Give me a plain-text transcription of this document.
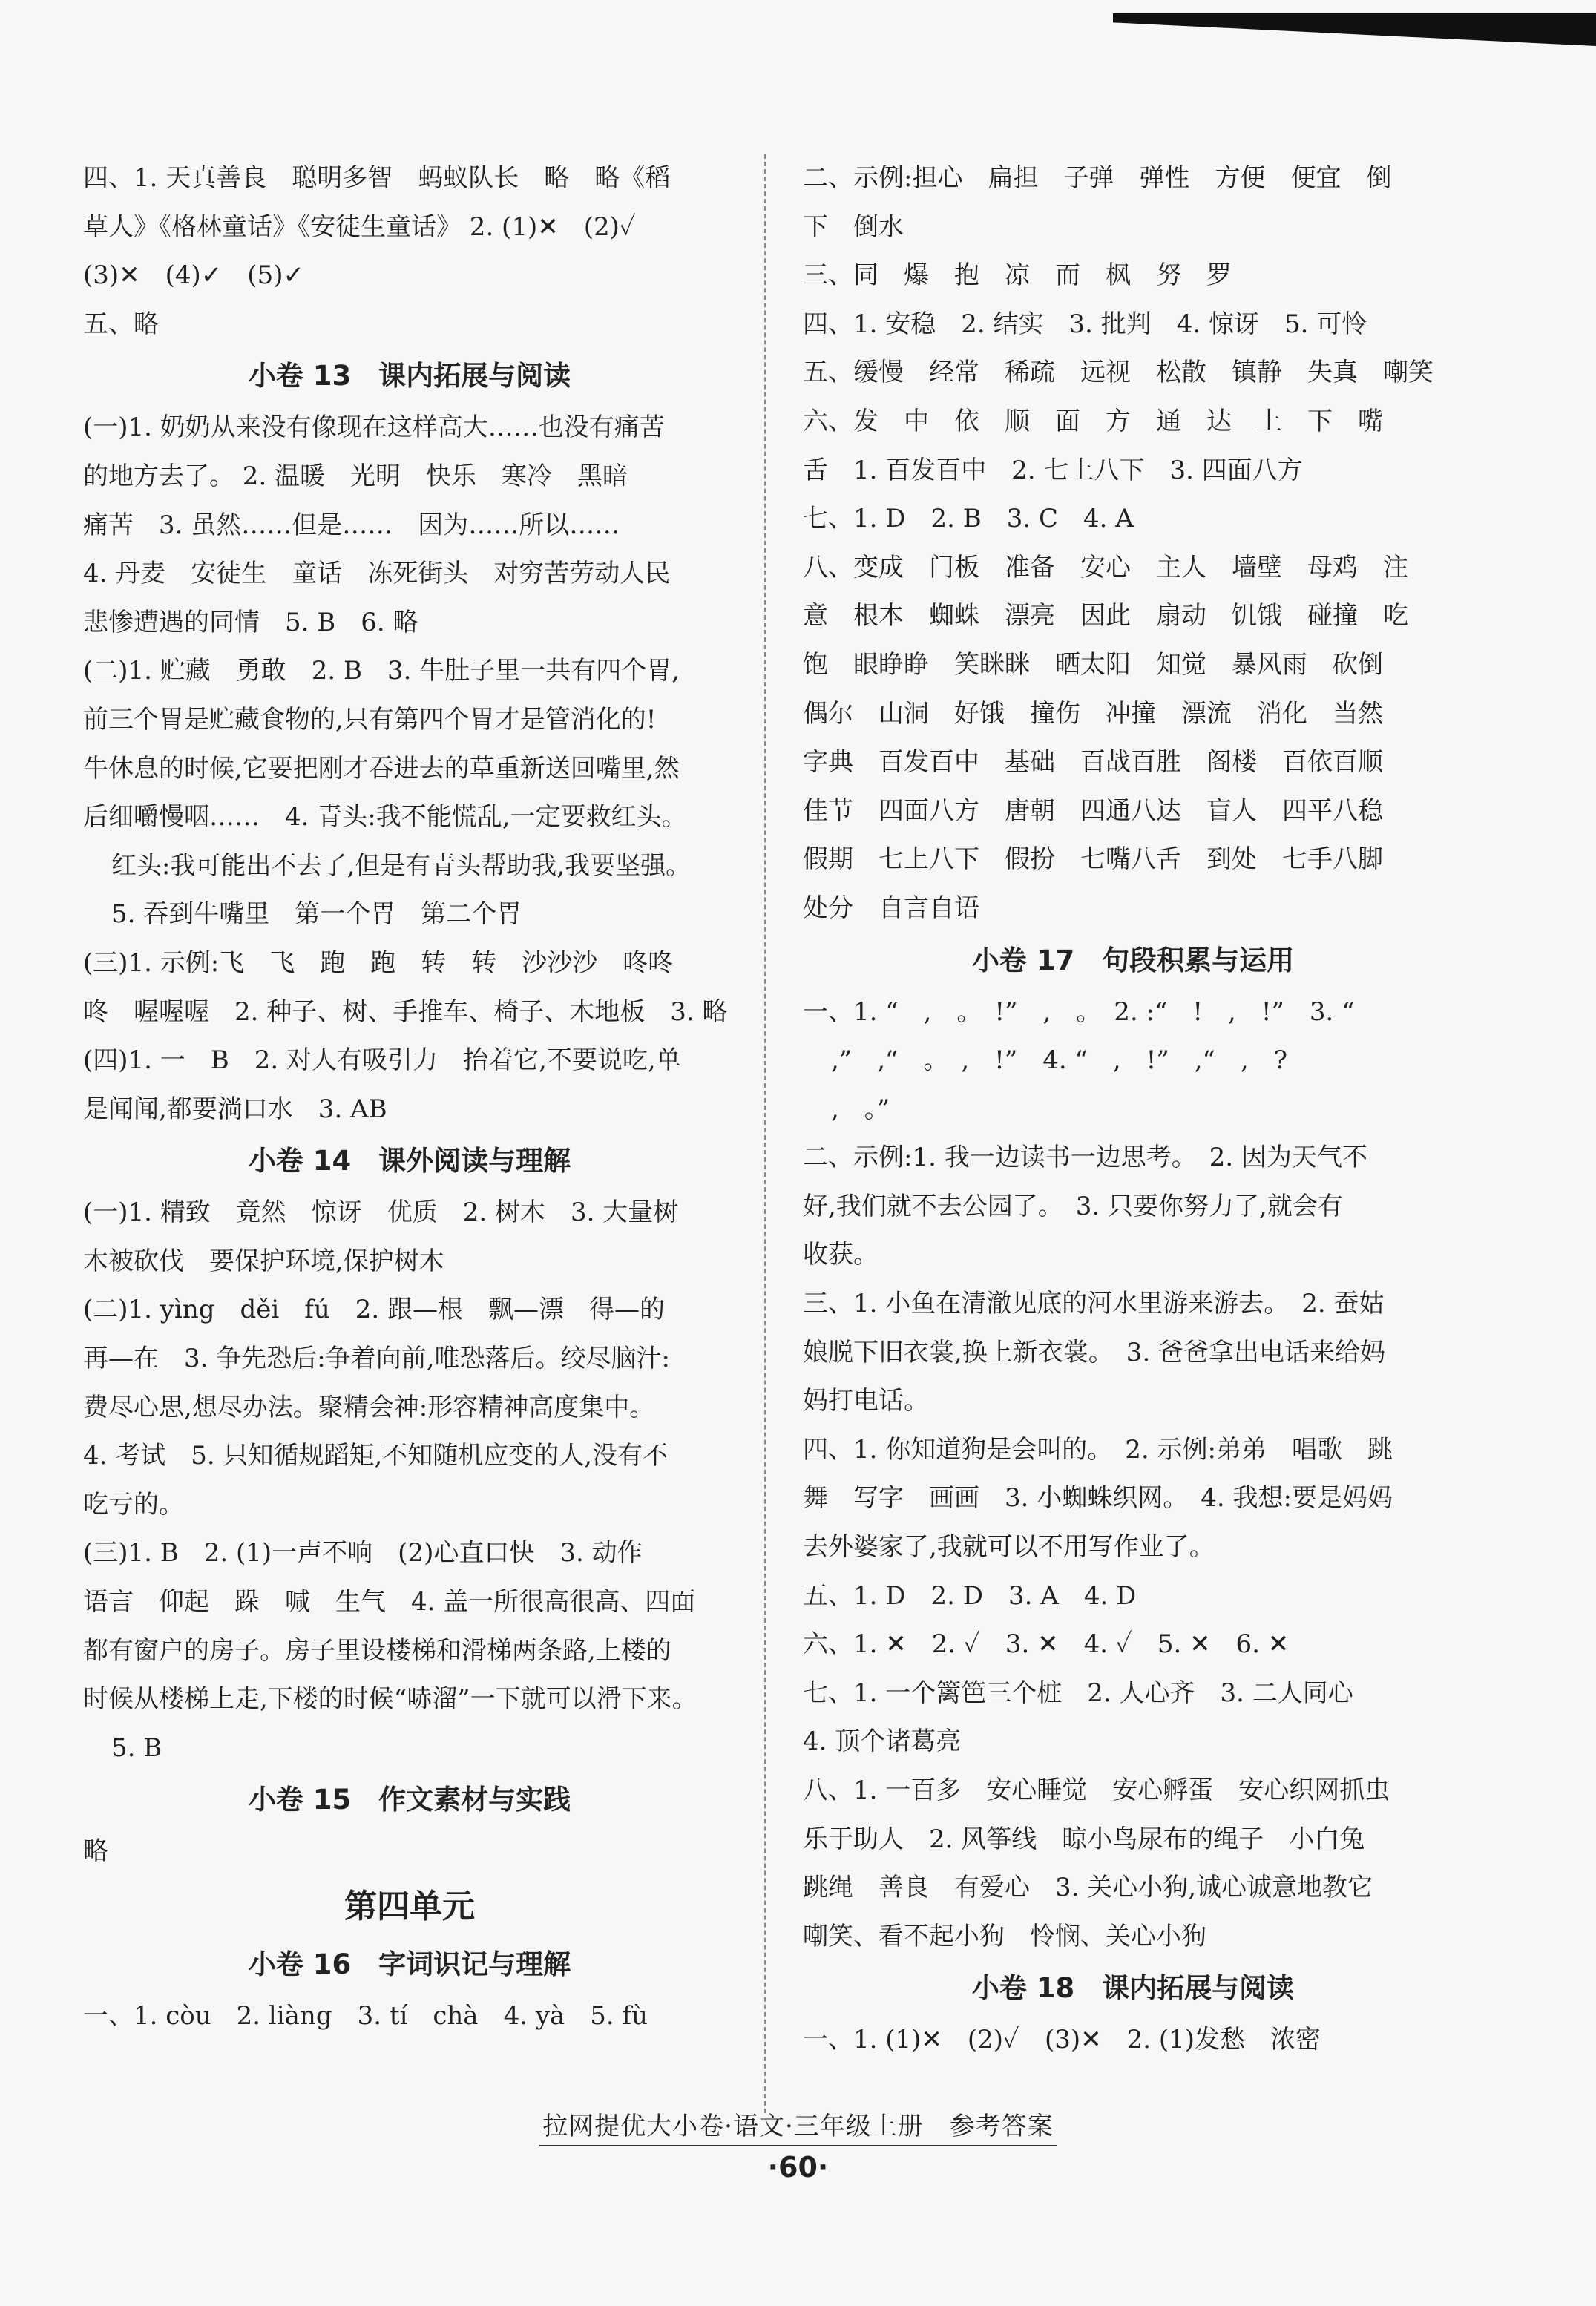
四、1. 天真善良　聪明多智　蚂蚁队长　略　略《稻
草人》《格林童话》《安徒生童话》 2. (1)✕　(2)✓
(3)✕　(4)✓　(5)✓
五、略
小卷 13　课内拓展与阅读
(一)1. 奶奶从来没有像现在这样高大……也没有痛苦
的地方去了。 2. 温暖　光明　快乐　寒冷　黑暗
痛苦　3. 虽然……但是……　因为……所以……
4. 丹麦　安徒生　童话　冻死街头　对穷苦劳动人民
悲惨遭遇的同情　5. B　6. 略
(二)1. 贮藏　勇敢　2. B　3. 牛肚子里一共有四个胃,
前三个胃是贮藏食物的,只有第四个胃才是管消化的!
牛休息的时候,它要把刚才吞进去的草重新送回嘴里,然
后细嚼慢咽……　4. 青头:我不能慌乱,一定要救红头。
红头:我可能出不去了,但是有青头帮助我,我要坚强。
5. 吞到牛嘴里　第一个胃　第二个胃
(三)1. 示例:飞　飞　跑　跑　转　转　沙沙沙　咚咚
咚　喔喔喔　2. 种子、树、手推车、椅子、木地板　3. 略
(四)1. 一　B　2. 对人有吸引力　抬着它,不要说吃,单
是闻闻,都要淌口水　3. AB
小卷 14　课外阅读与理解
(一)1. 精致　竟然　惊讶　优质　2. 树木　3. 大量树
木被砍伐　要保护环境,保护树木
(二)1. yìng　děi　fú　2. 跟—根　飘—漂　得—的
再—在　3. 争先恐后:争着向前,唯恐落后。绞尽脑汁:
费尽心思,想尽办法。聚精会神:形容精神高度集中。
4. 考试　5. 只知循规蹈矩,不知随机应变的人,没有不
吃亏的。
(三)1. B　2. (1)一声不响　(2)心直口快　3. 动作
语言　仰起　跺　喊　生气　4. 盖一所很高很高、四面
都有窗户的房子。房子里设楼梯和滑梯两条路,上楼的
时候从楼梯上走,下楼的时候“哧溜”一下就可以滑下来。
5. B
小卷 15　作文素材与实践
略
第四单元
小卷 16　字词识记与理解
一、1. còu　2. liàng　3. tí　chà　4. yà　5. fù
二、示例:担心　扁担　子弹　弹性　方便　便宜　倒
下　倒水
三、同　爆　抱　凉　而　枫　努　罗
四、1. 安稳　2. 结实　3. 批判　4. 惊讶　5. 可怜
五、缓慢　经常　稀疏　远视　松散　镇静　失真　嘲笑
六、发　中　依　顺　面　方　通　达　上　下　嘴
舌　1. 百发百中　2. 七上八下　3. 四面八方
七、1. D　2. B　3. C　4. A
八、变成　门板　准备　安心　主人　墙壁　母鸡　注
意　根本　蜘蛛　漂亮　因此　扇动　饥饿　碰撞　吃
饱　眼睁睁　笑眯眯　晒太阳　知觉　暴风雨　砍倒
偶尔　山洞　好饿　撞伤　冲撞　漂流　消化　当然
字典　百发百中　基础　百战百胜　阁楼　百依百顺
佳节　四面八方　唐朝　四通八达　盲人　四平八稳
假期　七上八下　假扮　七嘴八舌　到处　七手八脚
处分　自言自语
小卷 17　句段积累与运用
一、1. “　,　。　!”　,　。　2. :“　!　,　!”　3. “
,”　,“　。　,　!”　4. “　,　!”　,“　,　?
,　。”
二、示例:1. 我一边读书一边思考。　2. 因为天气不
好,我们就不去公园了。　3. 只要你努力了,就会有
收获。
三、1. 小鱼在清澈见底的河水里游来游去。　2. 蚕姑
娘脱下旧衣裳,换上新衣裳。　3. 爸爸拿出电话来给妈
妈打电话。
四、1. 你知道狗是会叫的。　2. 示例:弟弟　唱歌　跳
舞　写字　画画　3. 小蜘蛛织网。　4. 我想:要是妈妈
去外婆家了,我就可以不用写作业了。
五、1. D　2. D　3. A　4. D
六、1. ✕　2. ✓　3. ✕　4. ✓　5. ✕　6. ✕
七、1. 一个篱笆三个桩　2. 人心齐　3. 二人同心
4. 顶个诸葛亮
八、1. 一百多　安心睡觉　安心孵蛋　安心织网抓虫
乐于助人　2. 风筝线　晾小鸟尿布的绳子　小白兔
跳绳　善良　有爱心　3. 关心小狗,诚心诚意地教它
嘲笑、看不起小狗　怜悯、关心小狗
小卷 18　课内拓展与阅读
一、1. (1)✕　(2)✓　(3)✕　2. (1)发愁　浓密
拉网提优大小卷·语文·三年级上册　参考答案
·60·
